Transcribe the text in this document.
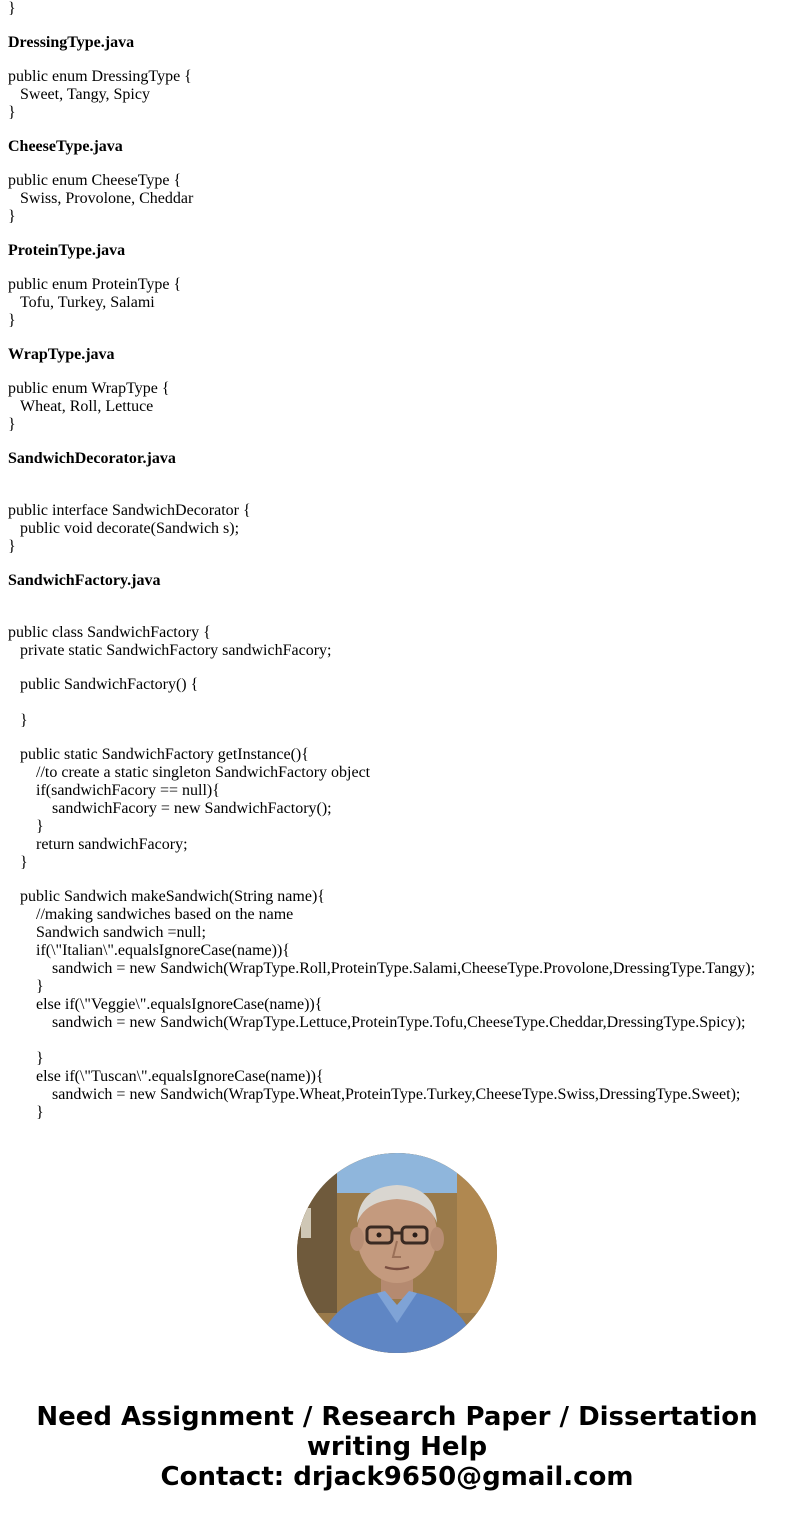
}
DressingType.java
public enum DressingType {
Sweet, Tangy, Spicy
}
CheeseType.java
public enum CheeseType {
Swiss, Provolone, Cheddar
}
ProteinType.java
public enum ProteinType {
Tofu, Turkey, Salami
}
WrapType.java
public enum WrapType {
Wheat, Roll, Lettuce
}
SandwichDecorator.java
public interface SandwichDecorator {
public void decorate(Sandwich s);
}
SandwichFactory.java
public class SandwichFactory {
private static SandwichFactory sandwichFacory;
public SandwichFactory() {
}
public static SandwichFactory getInstance(){
//to create a static singleton SandwichFactory object
if(sandwichFacory == null){
sandwichFacory = new SandwichFactory();
}
return sandwichFacory;
}
public Sandwich makeSandwich(String name){
//making sandwiches based on the name
Sandwich sandwich =null;
if(\"Italian\".equalsIgnoreCase(name)){
sandwich = new Sandwich(WrapType.Roll,ProteinType.Salami,CheeseType.Provolone,DressingType.Tangy);
}
else if(\"Veggie\".equalsIgnoreCase(name)){
sandwich = new Sandwich(WrapType.Lettuce,ProteinType.Tofu,CheeseType.Cheddar,DressingType.Spicy);
}
else if(\"Tuscan\".equalsIgnoreCase(name)){
sandwich = new Sandwich(WrapType.Wheat,ProteinType.Turkey,CheeseType.Swiss,DressingType.Sweet);
}
Need Assignment / Research Paper / Dissertation
writing Help
Contact: drjack9650@gmail.com
